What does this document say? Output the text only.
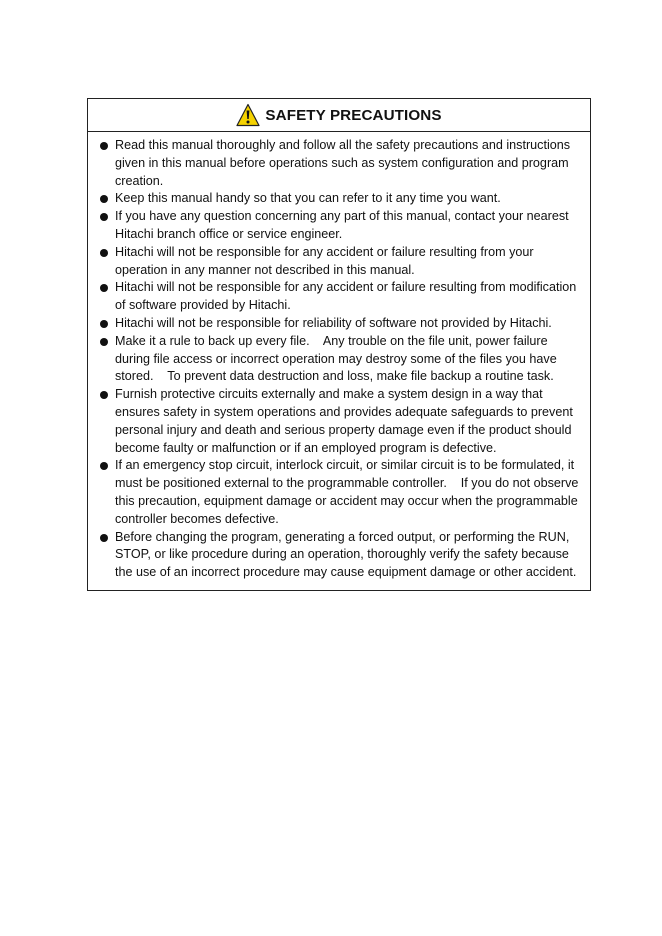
SAFETY PRECAUTIONS
Read this manual thoroughly and follow all the safety precautions and instructions given in this manual before operations such as system configuration and program creation.
Keep this manual handy so that you can refer to it any time you want.
If you have any question concerning any part of this manual, contact your nearest Hitachi branch office or service engineer.
Hitachi will not be responsible for any accident or failure resulting from your operation in any manner not described in this manual.
Hitachi will not be responsible for any accident or failure resulting from modification of software provided by Hitachi.
Hitachi will not be responsible for reliability of software not provided by Hitachi.
Make it a rule to back up every file.    Any trouble on the file unit, power failure during file access or incorrect operation may destroy some of the files you have stored.    To prevent data destruction and loss, make file backup a routine task.
Furnish protective circuits externally and make a system design in a way that ensures safety in system operations and provides adequate safeguards to prevent personal injury and death and serious property damage even if the product should become faulty or malfunction or if an employed program is defective.
If an emergency stop circuit, interlock circuit, or similar circuit is to be formulated, it must be positioned external to the programmable controller.    If you do not observe this precaution, equipment damage or accident may occur when the programmable controller becomes defective.
Before changing the program, generating a forced output, or performing the RUN, STOP, or like procedure during an operation, thoroughly verify the safety because the use of an incorrect procedure may cause equipment damage or other accident.
